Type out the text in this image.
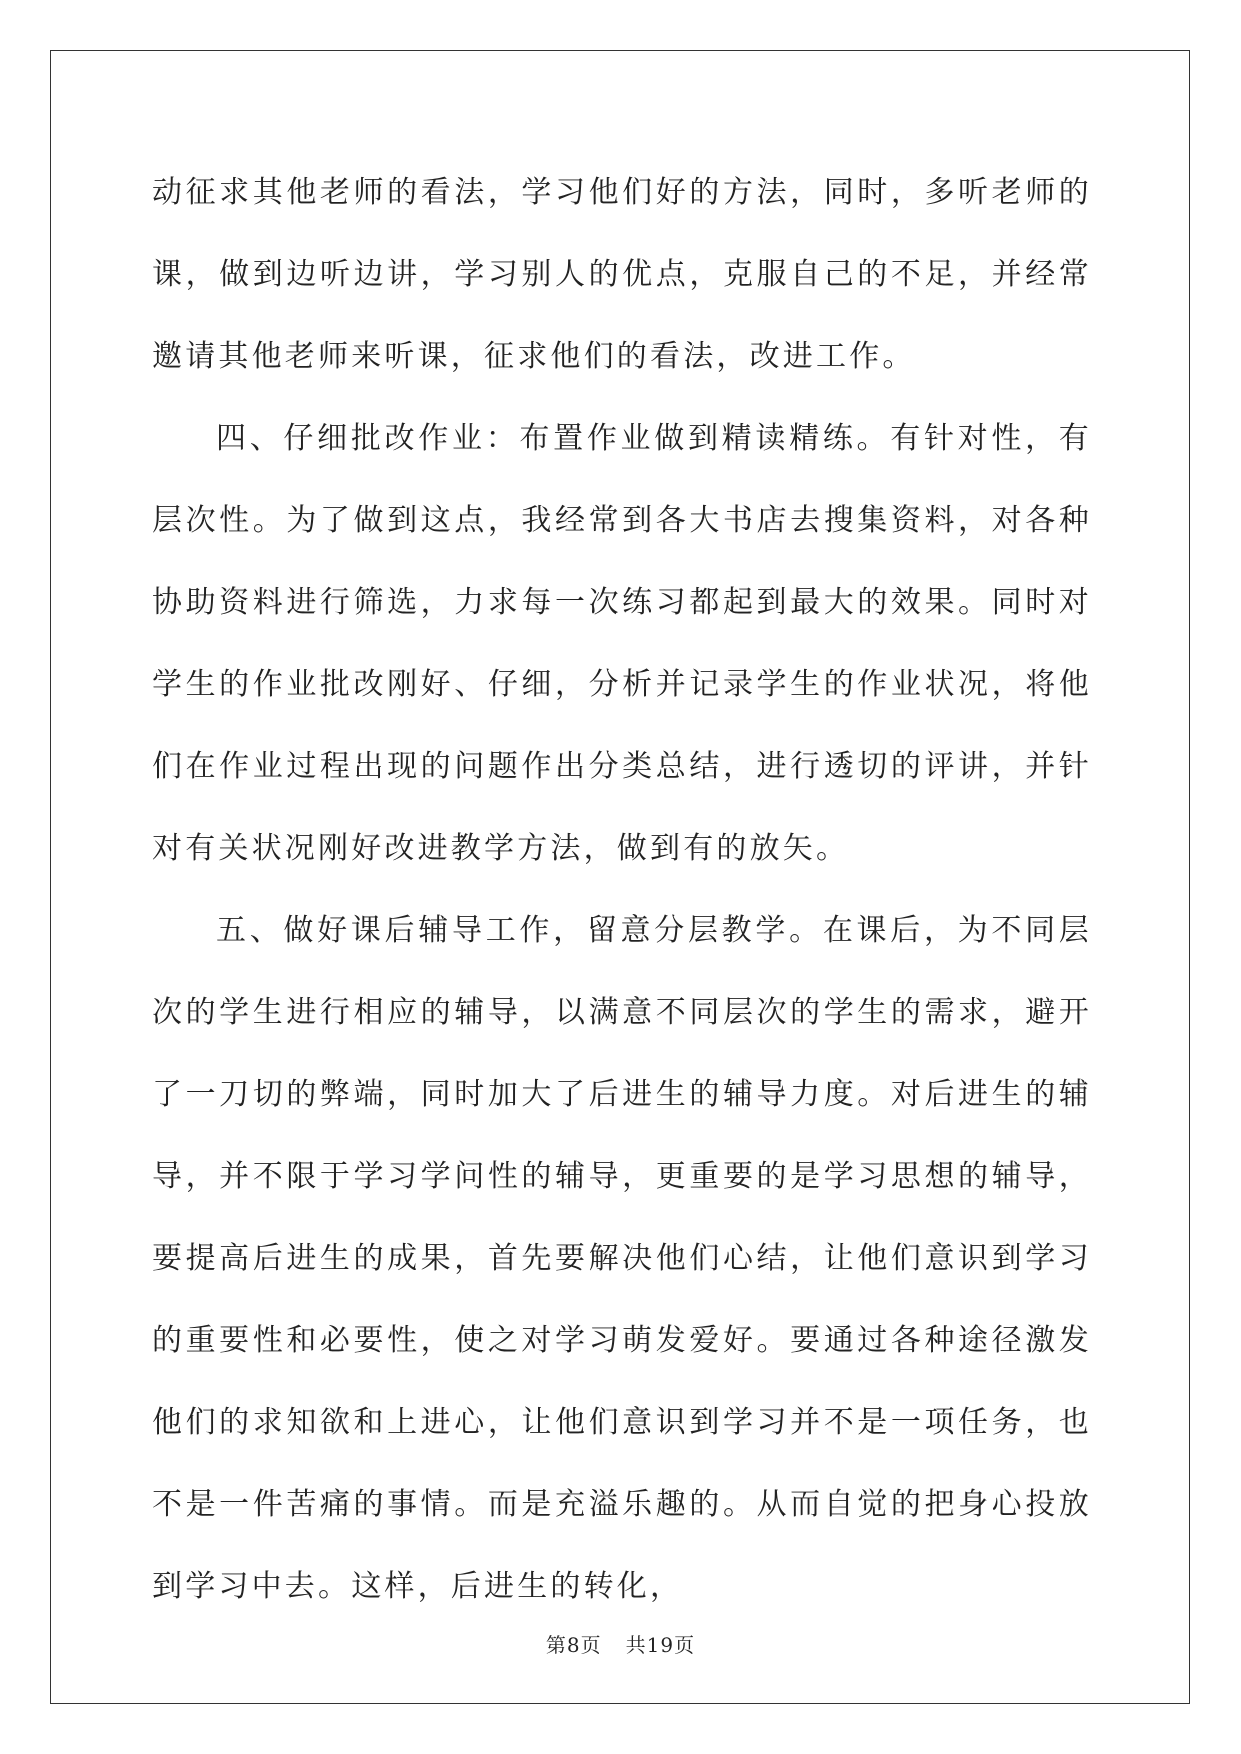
动征求其他老师的看法，学习他们好的方法，同时，多听老师的课，做到边听边讲，学习别人的优点，克服自己的不足，并经常邀请其他老师来听课，征求他们的看法，改进工作。

四、仔细批改作业：布置作业做到精读精练。有针对性，有层次性。为了做到这点，我经常到各大书店去搜集资料，对各种协助资料进行筛选，力求每一次练习都起到最大的效果。同时对学生的作业批改刚好、仔细，分析并记录学生的作业状况，将他们在作业过程出现的问题作出分类总结，进行透切的评讲，并针对有关状况刚好改进教学方法，做到有的放矢。

五、做好课后辅导工作，留意分层教学。在课后，为不同层次的学生进行相应的辅导，以满意不同层次的学生的需求，避开了一刀切的弊端，同时加大了后进生的辅导力度。对后进生的辅导，并不限于学习学问性的辅导，更重要的是学习思想的辅导，要提高后进生的成果，首先要解决他们心结，让他们意识到学习的重要性和必要性，使之对学习萌发爱好。要通过各种途径激发他们的求知欲和上进心，让他们意识到学习并不是一项任务，也不是一件苦痛的事情。而是充溢乐趣的。从而自觉的把身心投放到学习中去。这样，后进生的转化，

第8页 共19页
